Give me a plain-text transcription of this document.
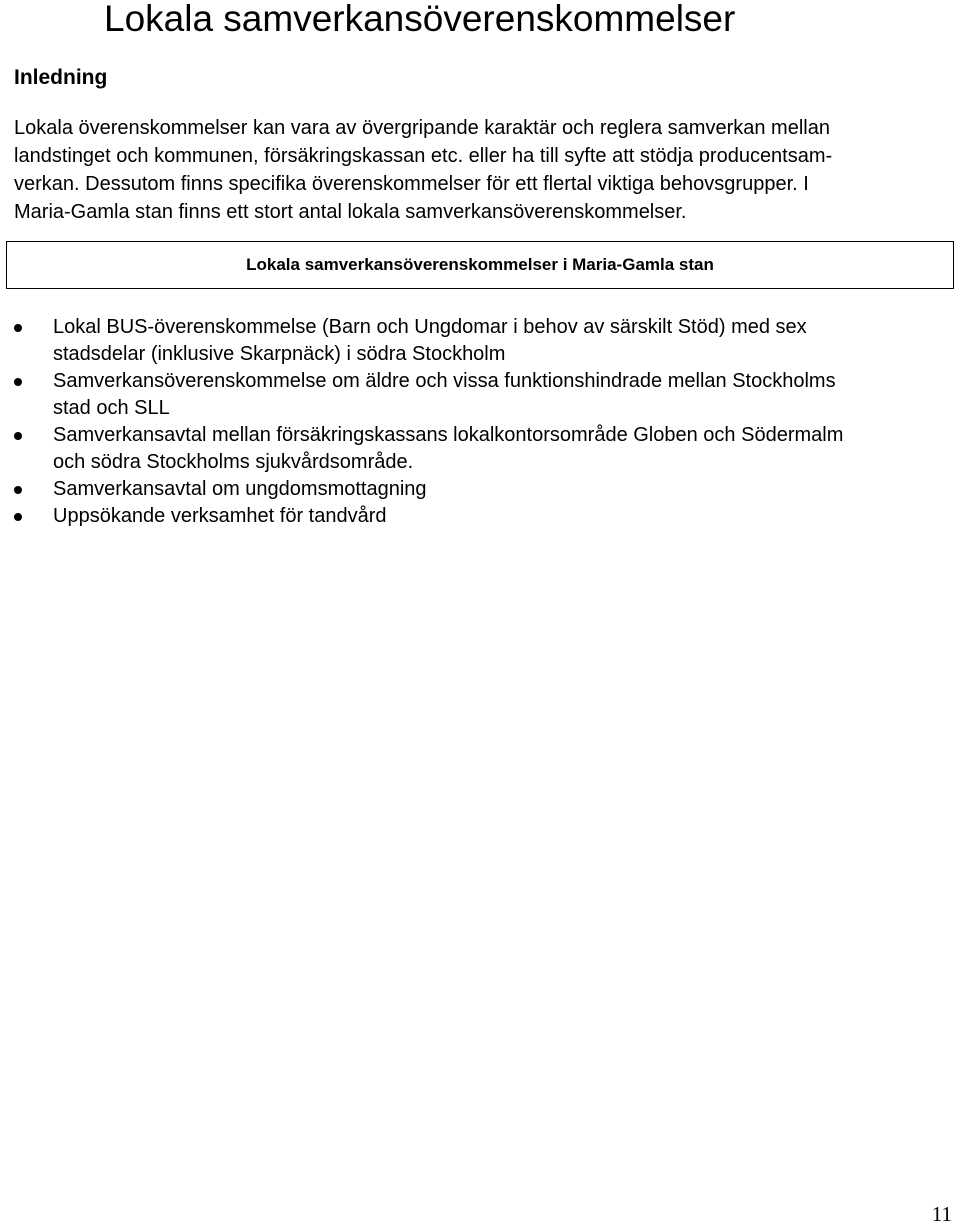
Lokala samverkansöverenskommelser
Inledning
Lokala överenskommelser kan vara av övergripande karaktär och reglera samverkan mellan
landstinget och kommunen, försäkringskassan etc. eller ha till syfte att stödja producentsam-
verkan. Dessutom finns specifika överenskommelser för ett flertal viktiga behovsgrupper. I
Maria-Gamla stan finns ett stort antal lokala samverkansöverenskommelser.
Lokala samverkansöverenskommelser i Maria-Gamla stan
Lokal BUS-överenskommelse (Barn och Ungdomar i behov av särskilt Stöd) med sex
stadsdelar (inklusive Skarpnäck) i södra Stockholm
Samverkansöverenskommelse om äldre och vissa funktionshindrade mellan Stockholms
stad och SLL
Samverkansavtal mellan försäkringskassans lokalkontorsområde Globen och Södermalm
och södra Stockholms sjukvårdsområde.
Samverkansavtal om ungdomsmottagning
Uppsökande verksamhet för tandvård
11
